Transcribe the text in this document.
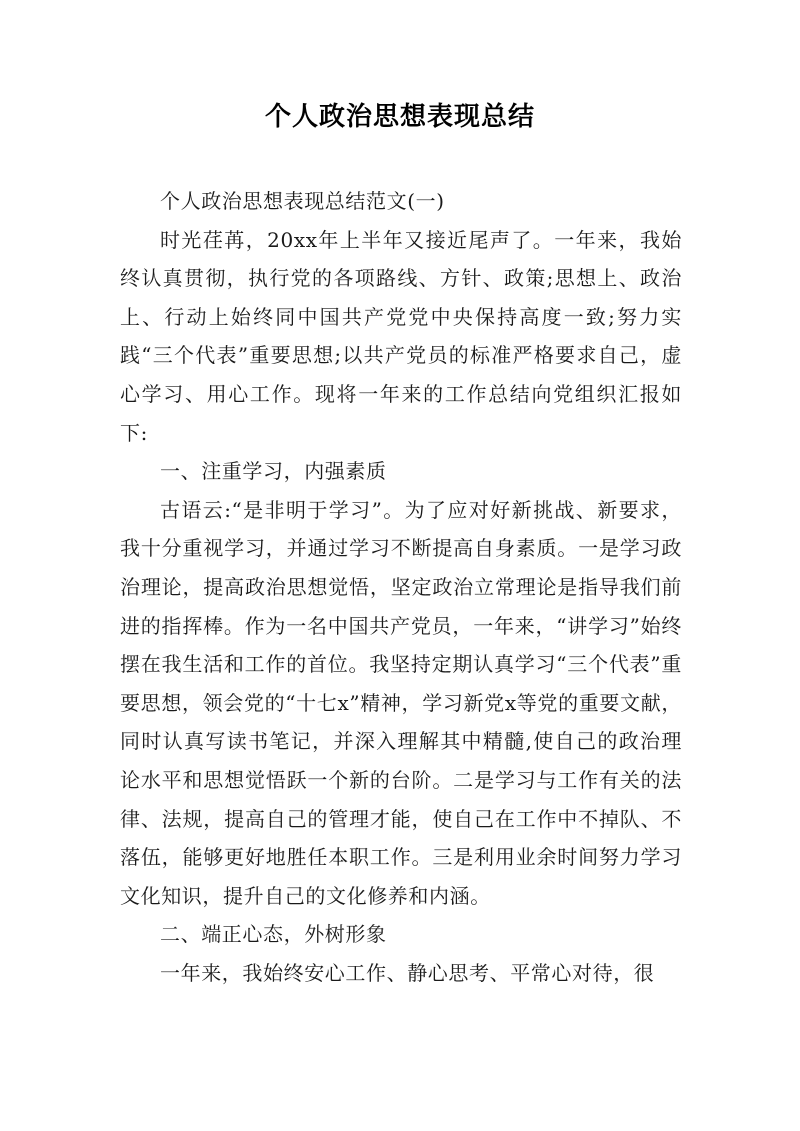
个人政治思想表现总结

个人政治思想表现总结范文(一)

时光荏苒，20xx年上半年又接近尾声了。一年来，我始终认真贯彻，执行党的各项路线、方针、政策;思想上、政治上、行动上始终同中国共产党党中央保持高度一致;努力实践“三个代表”重要思想;以共产党员的标准严格要求自己，虚心学习、用心工作。现将一年来的工作总结向党组织汇报如下:

一、注重学习，内强素质

古语云:“是非明于学习”。为了应对好新挑战、新要求，我十分重视学习，并通过学习不断提高自身素质。一是学习政治理论，提高政治思想觉悟，坚定政治立常理论是指导我们前进的指挥棒。作为一名中国共产党员，一年来，“讲学习”始终摆在我生活和工作的首位。我坚持定期认真学习“三个代表”重要思想，领会党的“十七x”精神，学习新党x等党的重要文献，同时认真写读书笔记，并深入理解其中精髓,使自己的政治理论水平和思想觉悟跃一个新的台阶。二是学习与工作有关的法律、法规，提高自己的管理才能，使自己在工作中不掉队、不落伍，能够更好地胜任本职工作。三是利用业余时间努力学习文化知识，提升自己的文化修养和内涵。

二、端正心态，外树形象

一年来，我始终安心工作、静心思考、平常心对待，很
